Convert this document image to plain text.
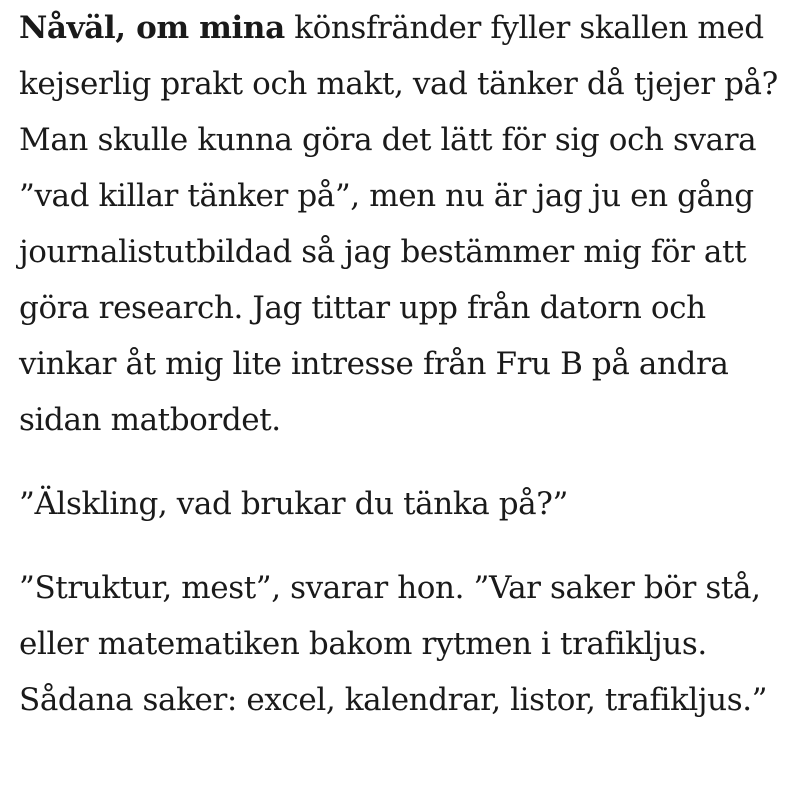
Nåväl, om mina könsfränder fyller skallen med kejserlig prakt och makt, vad tänker då tjejer på? Man skulle kunna göra det lätt för sig och svara ”vad killar tänker på”, men nu är jag ju en gång journalistutbildad så jag bestämmer mig för att göra research. Jag tittar upp från datorn och vinkar åt mig lite intresse från Fru B på andra sidan matbordet.

”Älskling, vad brukar du tänka på?”

”Struktur, mest”, svarar hon. ”Var saker bör stå, eller matematiken bakom rytmen i trafikljus. Sådana saker: excel, kalendrar, listor, trafikljus.”
